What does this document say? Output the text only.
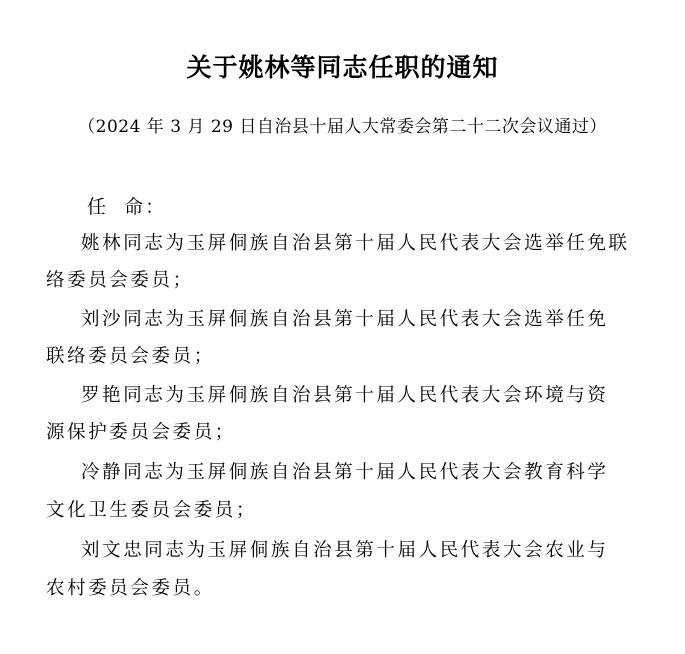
关于姚林等同志任职的通知
（2024 年 3 月 29 日自治县十届人大常委会第二十二次会议通过）
任  命：
姚林同志为玉屏侗族自治县第十届人民代表大会选举任免联
络委员会委员；
刘沙同志为玉屏侗族自治县第十届人民代表大会选举任免
联络委员会委员；
罗艳同志为玉屏侗族自治县第十届人民代表大会环境与资
源保护委员会委员；
冷静同志为玉屏侗族自治县第十届人民代表大会教育科学
文化卫生委员会委员；
刘文忠同志为玉屏侗族自治县第十届人民代表大会农业与
农村委员会委员。
